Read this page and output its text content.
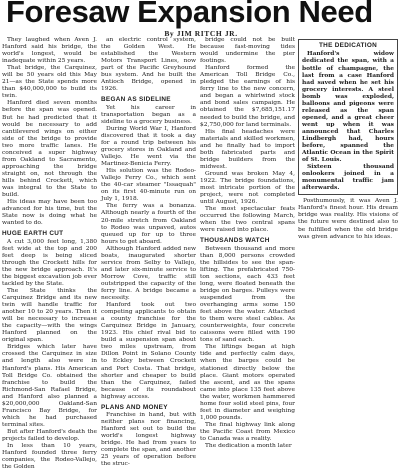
Foresaw Expansion Need
By JIM RITCH JR.

They laughed when Aven J. Hanford said his bridge, the world's longest, would be inadequate within 25 years.

That bridge, the Carquinez, will be 50 years old this May 21—as the State spends more than $40,000,000 to build its twin.

Hanford died seven months before the span was opened. But he had predicted that it would be necessary to add cantilevered wings on either side of the bridge to provide two more traffic lanes. He conceived a super highway from Oakland to Sacramento, approaching the bridge straight on, not through the hills behind Crockett, which was integral to the State to build.

His ideas may have been too advanced for his time, but the State now is doing what he wanted to do.

HUGE EARTH CUT

A cut 3,000 feet long, 1,380 feet wide at the top and 200 feet deep is being sliced through the Crockett hills for the new bridge approach. It's the biggest excavation job ever tackled by the State.

The State thinks the Carquinez Bridge and its new twin will handle traffic for another 10 to 20 years. Then it will be necessary to increase the capacity—with the wings Hanford planned on the original span.

Bridges which later have crossed the Carquinez in size and length also were in Hanford's plans. His American Toll Bridge Co. obtained the franchise to build the Richmond-San Rafael Bridge, and Hanford also planned a $20,000,000 Oakland-San Francisco Bay Bridge, for which he had purchased terminal sites.

But after Hanford's death the projects failed to develop.

In less than 10 years, Hanford founded three ferry companies, the Rodeo-Vallejo, the Golden

an electric control system, the Golden West. He established the Western Motors Transport Lines, now part of the Pacific Greyhound bus system. And he built the Antioch Bridge, opened in 1926.

BEGAN AS SIDELINE

Yet his career in transportation began as a sideline to a grocery business.

During World War I, Hanford discovered that it took a day for a round trip between his grocery stores in Oakland and Vallejo. He went via the Martinez-Benicia Ferry.

His solution was the Rodeo-Vallejo Ferry Co., which sent the 40-car steamer "Issaquah" on its first 40-minute run on July 1, 1918.

The ferry was a bonanza. Although nearly a fourth of the 20-mile stretch from Oakland to Rodeo was unpaved, autos queued up for up to three hours to get aboard.

Although Hanford added new boats, inaugurated shorter service from Selby to Vallejo, and later six-minute service to Morrow Cove, traffic still outstripped the capacity of the ferry line. A bridge became a necessity.

Hanford took out two competing applicants to obtain a county franchise for the Carquinez Bridge in January, 1923. His chief rival bid to build a suspension span about two miles upstream, from Dillon Point in Solano County to Eckley between Crockett and Port Costa. That bridge, shorter and cheaper to build than the Carquinez, failed because of its roundabout highway access.

PLANS AND MONEY

Franchise in hand, but with neither plans nor financing, Hanford set out to build the world's longest highway bridge. He had from years to complete the span, and another 25 years of operation before the struc-

bridge could not be built because fast-moving tides would undermine the pier footings.

Hanford formed the American Toll Bridge Co., pledged the earnings of his ferry line to the new concern, and began a whirlwind stock and bond sales campaign. He obtained the $7,685,151.17 needed to build the bridge, and $2,750,000 for land terminals.

His final headaches were materials and skilled workmen, and he finally had to import both fabricated parts and bridge builders from the midwest.

Ground was broken May 4, 1922. The bridge foundations, most intricate portion of the project, were not completed until August, 1926.

The most spectacular feats occurred the following March, when the two central spans were raised into place.

THOUSANDS WATCH

Between thousand and more than 8,000 persons crowded the hillsides to see the span-lifting. The prefabricated 750-ton sections, each 433 feet long, were floated beneath the bridge on barges. Pulleys were suspended from the overhanging arms some 150 feet above the water. Attached to them were steel cables. As counterweights, four concrete caissons were filled with 190 tons of sand each.

The liftings began at high tide and perfectly calm days, when the barges could be stationed directly below the place. Giant motors operated the ascent, and as the spans came into place 135 feet above the water, workmen hammered home four solid steel pins, four feet in diameter and weighing 1,000 pounds.

The final highway link along the Pacific Coast from Mexico to Canada was a reality.

The dedication a month later

THE DEDICATION

Hanford's widow dedicated the span, with a bottle of champagne, the last from a case Hanford had saved when he set his grocery interests. A steel bomb was exploded, balloons and pigeons were released as the span opened, and a great cheer went up when it was announced that Charles Lindbergh had, hours before, spanned the Atlantic Ocean in the Spirit of St. Louis.

Sixteen thousand onlookers joined in a monumental traffic jam afterwards.

Posthumously, it was Aven J. Hanford's finest hour. His dream bridge was reality. His visions of the future were destined also to be fulfilled when the old bridge was given advance to his ideas.
